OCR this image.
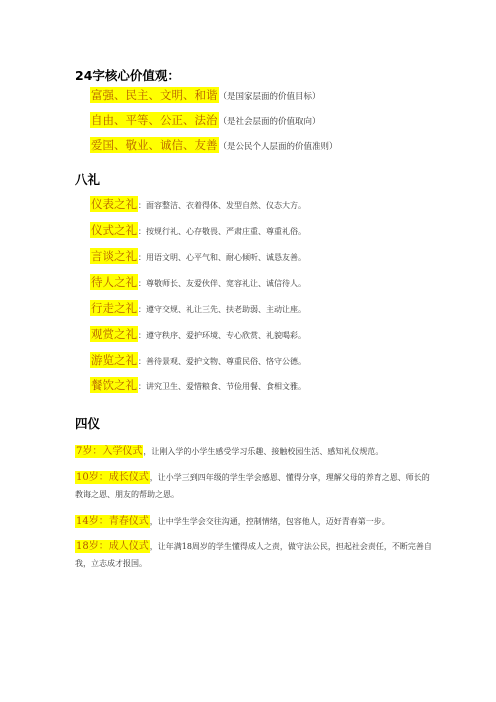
24字核心价值观：
富强、民主、文明、和谐（是国家层面的价值目标）
自由、平等、公正、法治（是社会层面的价值取向）
爱国、敬业、诚信、友善（是公民个人层面的价值准则）
八礼
仪表之礼：面容整洁、衣着得体、发型自然、仪态大方。
仪式之礼：按规行礼、心存敬畏、严肃庄重、尊重礼俗。
言谈之礼：用语文明、心平气和、耐心倾听、诚恳友善。
待人之礼：尊敬师长、友爱伙伴、宽容礼让、诚信待人。
行走之礼：遵守交规、礼让三先、扶老助弱、主动让座。
观赏之礼：遵守秩序、爱护环境、专心欣赏、礼貌喝彩。
游览之礼：善待景观、爱护文物、尊重民俗、恪守公德。
餐饮之礼：讲究卫生、爱惜粮食、节俭用餐、食相文雅。
四仪
7岁：入学仪式，让刚入学的小学生感受学习乐趣、接触校园生活、感知礼仪规范。
10岁：成长仪式，让小学三到四年级的学生学会感恩、懂得分享，理解父母的养育之恩、师长的教诲之恩、朋友的帮助之恩。
14岁：青春仪式，让中学生学会交往沟通，控制情绪，包容他人，迈好青春第一步。
18岁：成人仪式，让年满18周岁的学生懂得成人之责，做守法公民，担起社会责任，不断完善自我，立志成才报国。
